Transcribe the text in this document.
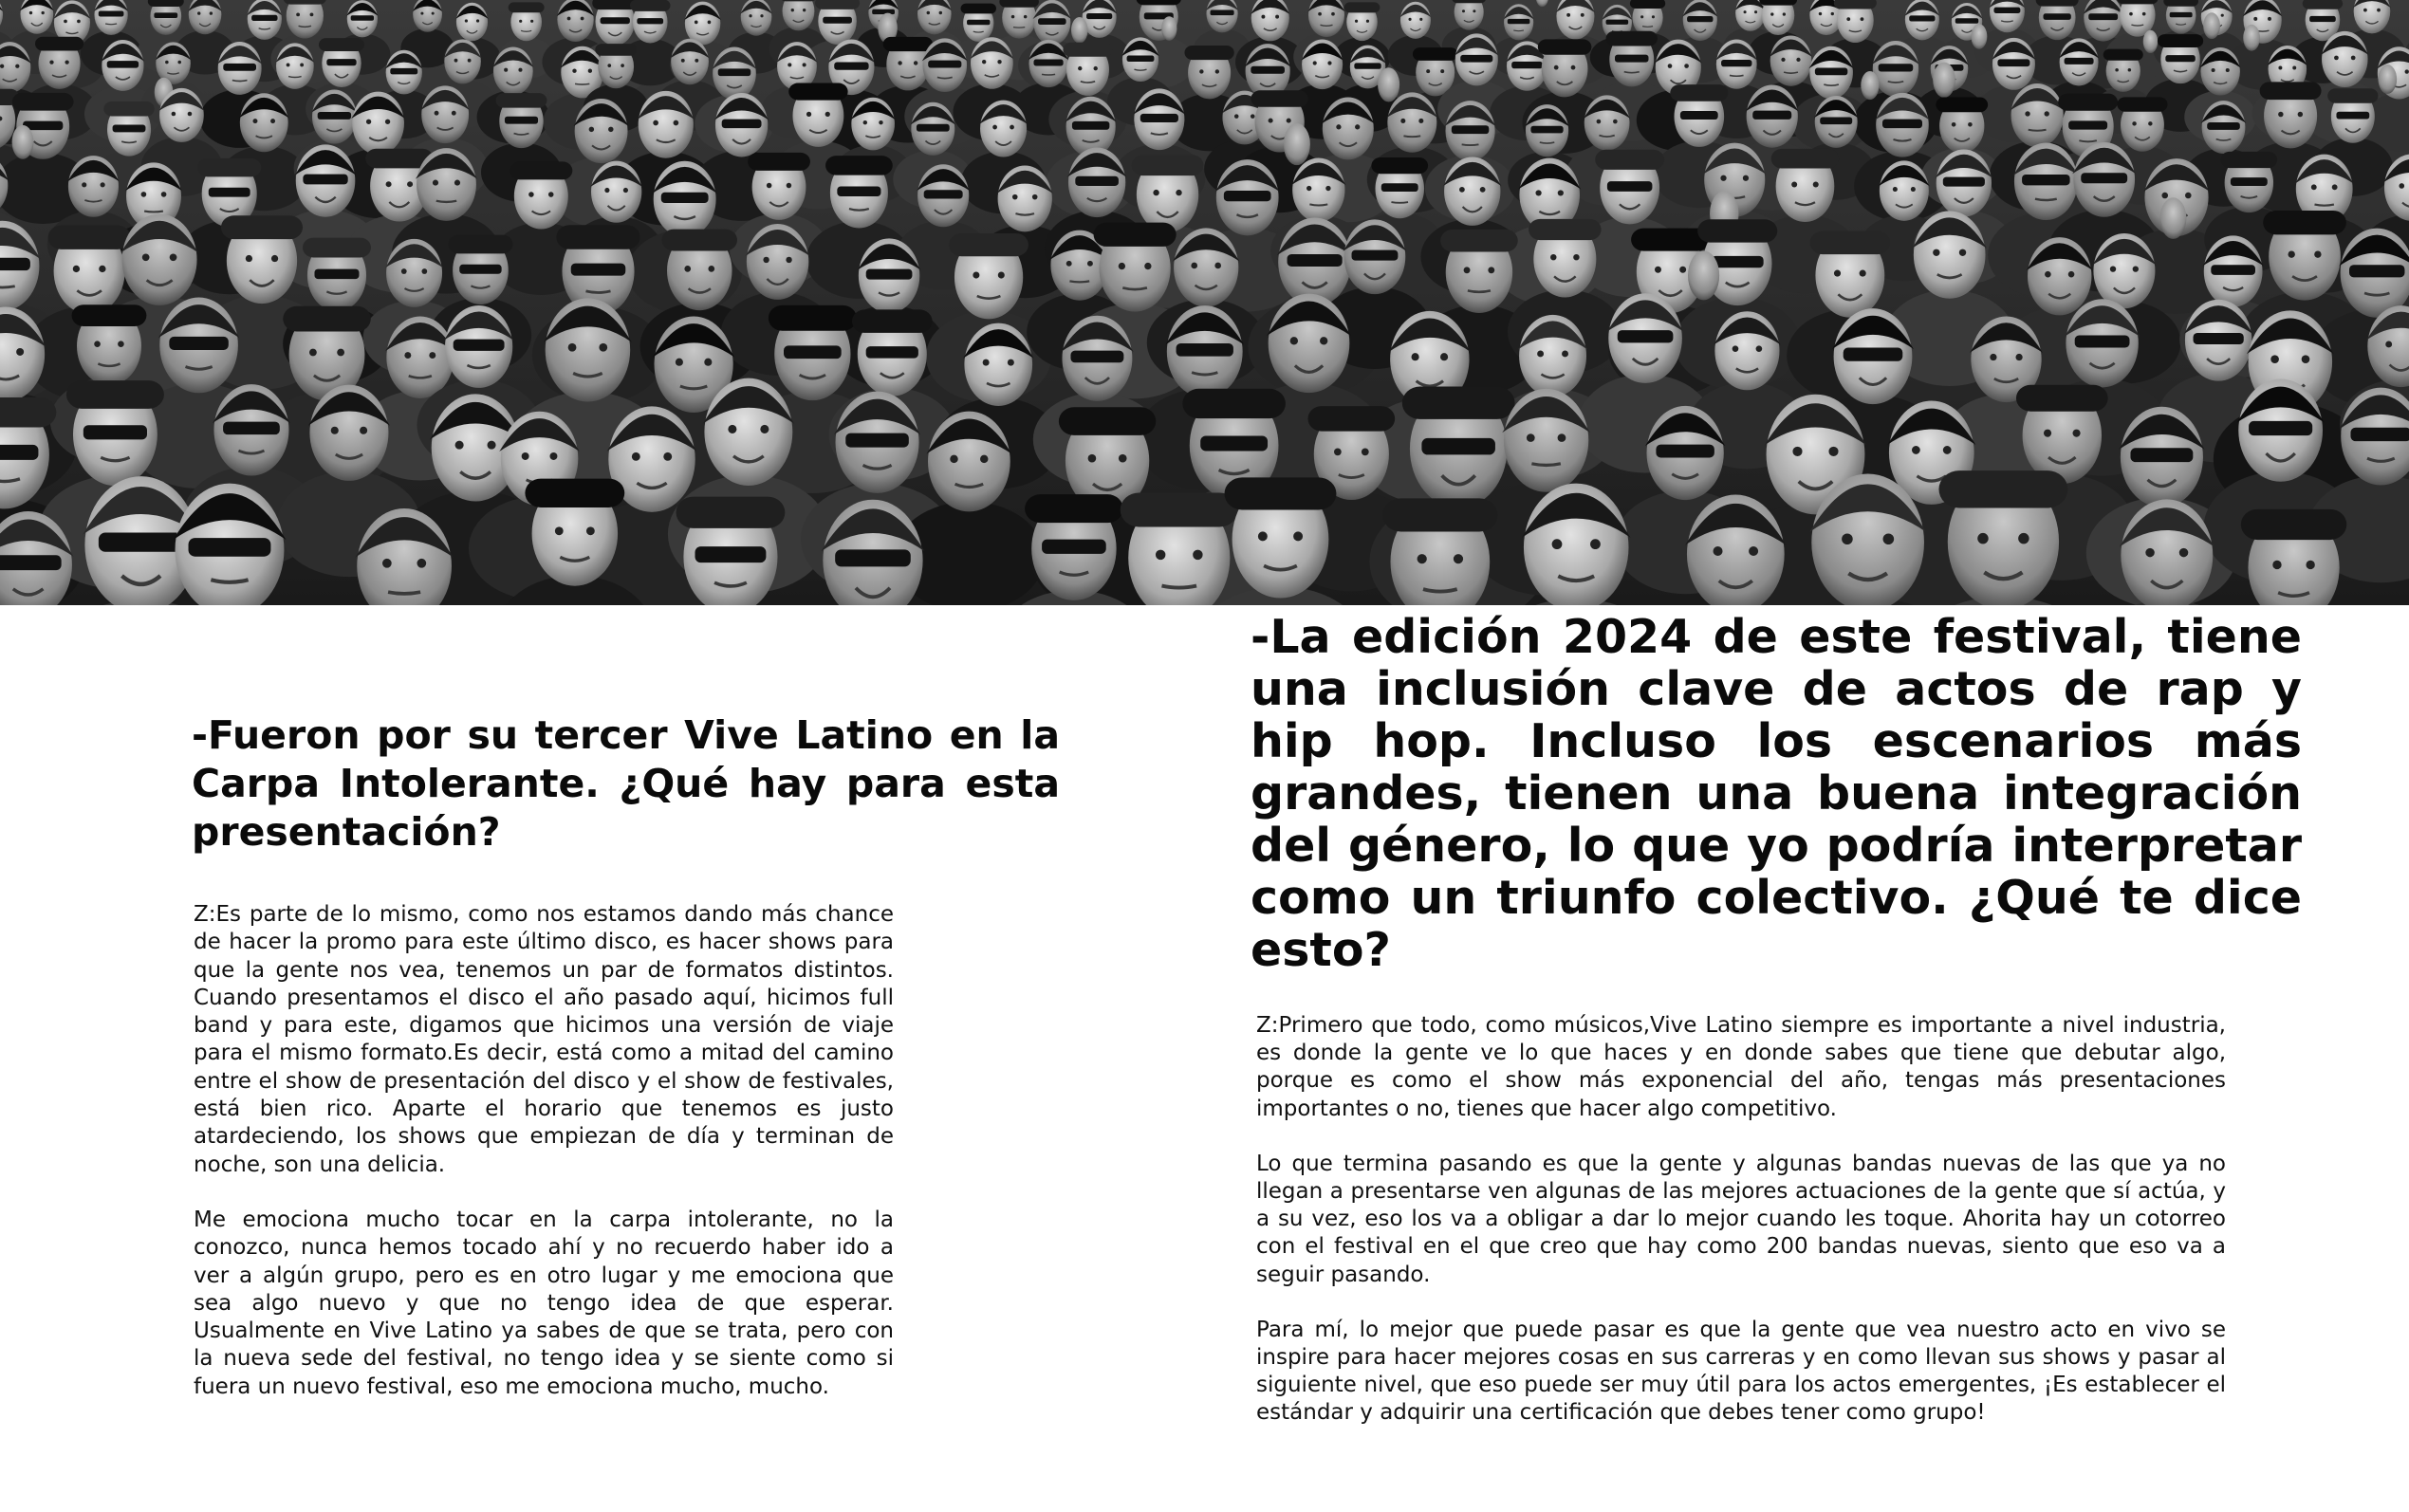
-Fueron por su tercer Vive Latino en la Carpa Intolerante. ¿Qué hay para esta presentación?

Z:Es parte de lo mismo, como nos estamos dando más chance de hacer la promo para este último disco, es hacer shows para que la gente nos vea, tenemos un par de formatos distintos. Cuando presentamos el disco el año pasado aquí, hicimos full band y para este, digamos que hicimos una versión de viaje para el mismo formato.Es decir, está como a mitad del camino entre el show de presentación del disco y el show de festivales, está bien rico. Aparte el horario que tenemos es justo atardeciendo, los shows que empiezan de día y terminan de noche, son una delicia.

Me emociona mucho tocar en la carpa intolerante, no la conozco, nunca hemos tocado ahí y no recuerdo haber ido a ver a algún grupo, pero es en otro lugar y me emociona que sea algo nuevo y que no tengo idea de que esperar. Usualmente en Vive Latino ya sabes de que se trata, pero con la nueva sede del festival, no tengo idea y se siente como si fuera un nuevo festival, eso me emociona mucho, mucho.

-La edición 2024 de este festival, tiene una inclusión clave de actos de rap y hip hop. Incluso los escenarios más grandes, tienen una buena integración del género, lo que yo podría interpretar como un triunfo colectivo. ¿Qué te dice esto?

Z:Primero que todo, como músicos,Vive Latino siempre es importante a nivel industria, es donde la gente ve lo que haces y en donde sabes que tiene que debutar algo, porque es como el show más exponencial del año, tengas más presentaciones importantes o no, tienes que hacer algo competitivo.

Lo que termina pasando es que la gente y algunas bandas nuevas de las que ya no llegan a presentarse ven algunas de las mejores actuaciones de la gente que sí actúa, y a su vez, eso los va a obligar a dar lo mejor cuando les toque. Ahorita hay un cotorreo con el festival en el que creo que hay como 200 bandas nuevas, siento que eso va a seguir pasando.

Para mí, lo mejor que puede pasar es que la gente que vea nuestro acto en vivo se inspire para hacer mejores cosas en sus carreras y en como llevan sus shows y pasar al siguiente nivel, que eso puede ser muy útil para los actos emergentes, ¡Es establecer el estándar y adquirir una certificación que debes tener como grupo!
